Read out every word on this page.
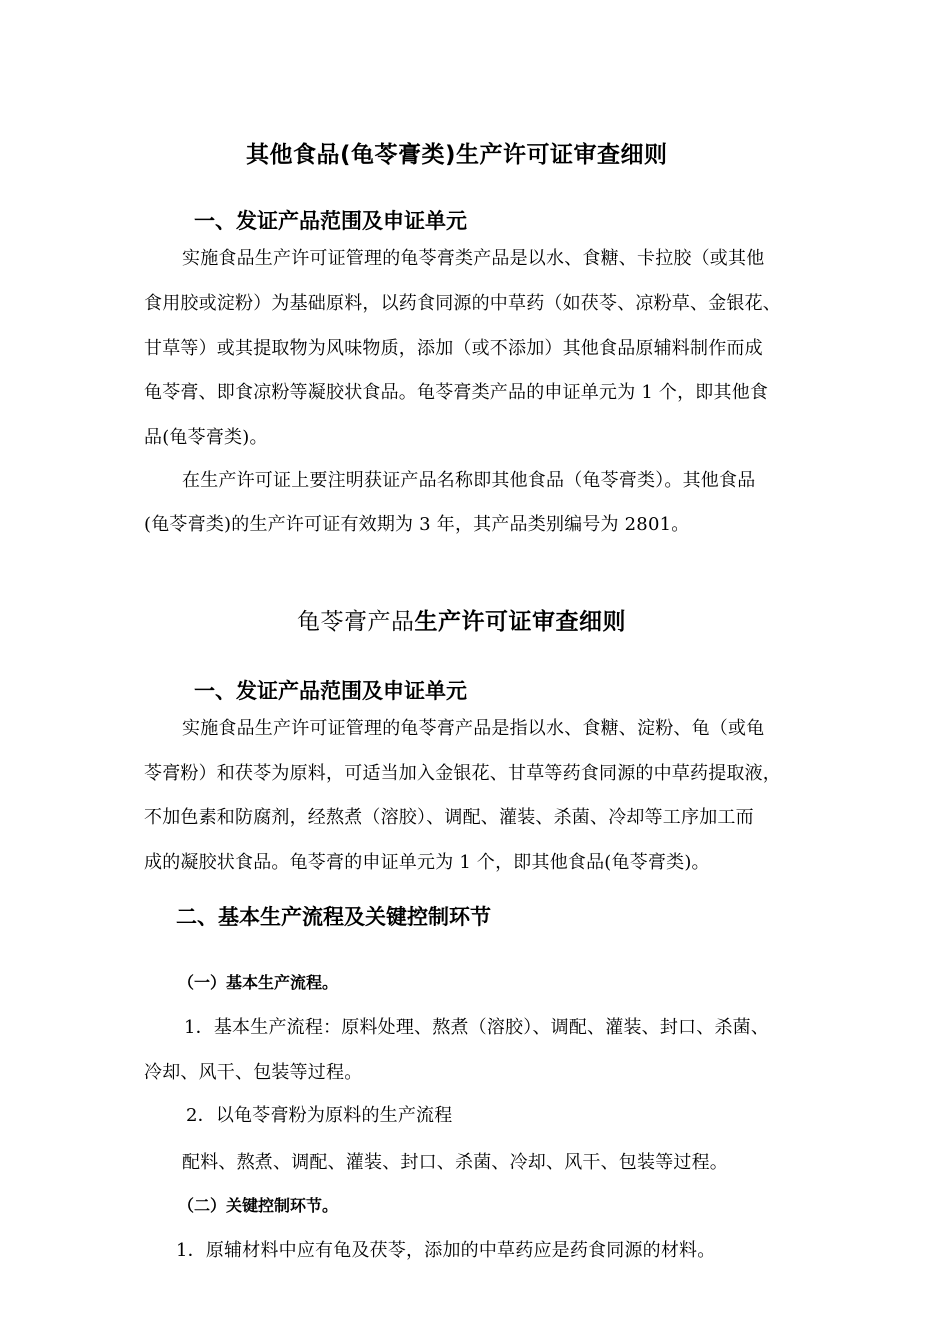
其他食品(龟苓膏类)生产许可证审查细则
一、发证产品范围及申证单元
实施食品生产许可证管理的龟苓膏类产品是以水、食糖、卡拉胶（或其他
食用胶或淀粉）为基础原料，以药食同源的中草药（如茯苓、凉粉草、金银花、
甘草等）或其提取物为风味物质，添加（或不添加）其他食品原辅料制作而成
龟苓膏、即食凉粉等凝胶状食品。龟苓膏类产品的申证单元为 1 个，即其他食
品(龟苓膏类)。
在生产许可证上要注明获证产品名称即其他食品（龟苓膏类）。其他食品
(龟苓膏类)的生产许可证有效期为 3 年，其产品类别编号为 2801。
龟苓膏产品生产许可证审查细则
一、发证产品范围及申证单元
实施食品生产许可证管理的龟苓膏产品是指以水、食糖、淀粉、龟（或龟
苓膏粉）和茯苓为原料，可适当加入金银花、甘草等药食同源的中草药提取液，
不加色素和防腐剂，经熬煮（溶胶）、调配、灌装、杀菌、冷却等工序加工而
成的凝胶状食品。龟苓膏的申证单元为 1 个，即其他食品(龟苓膏类)。
二、基本生产流程及关键控制环节
（一）基本生产流程。
1．基本生产流程：原料处理、熬煮（溶胶）、调配、灌装、封口、杀菌、
冷却、风干、包装等过程。
2．以龟苓膏粉为原料的生产流程
配料、熬煮、调配、灌装、封口、杀菌、冷却、风干、包装等过程。
（二）关键控制环节。
1．原辅材料中应有龟及茯苓，添加的中草药应是药食同源的材料。
